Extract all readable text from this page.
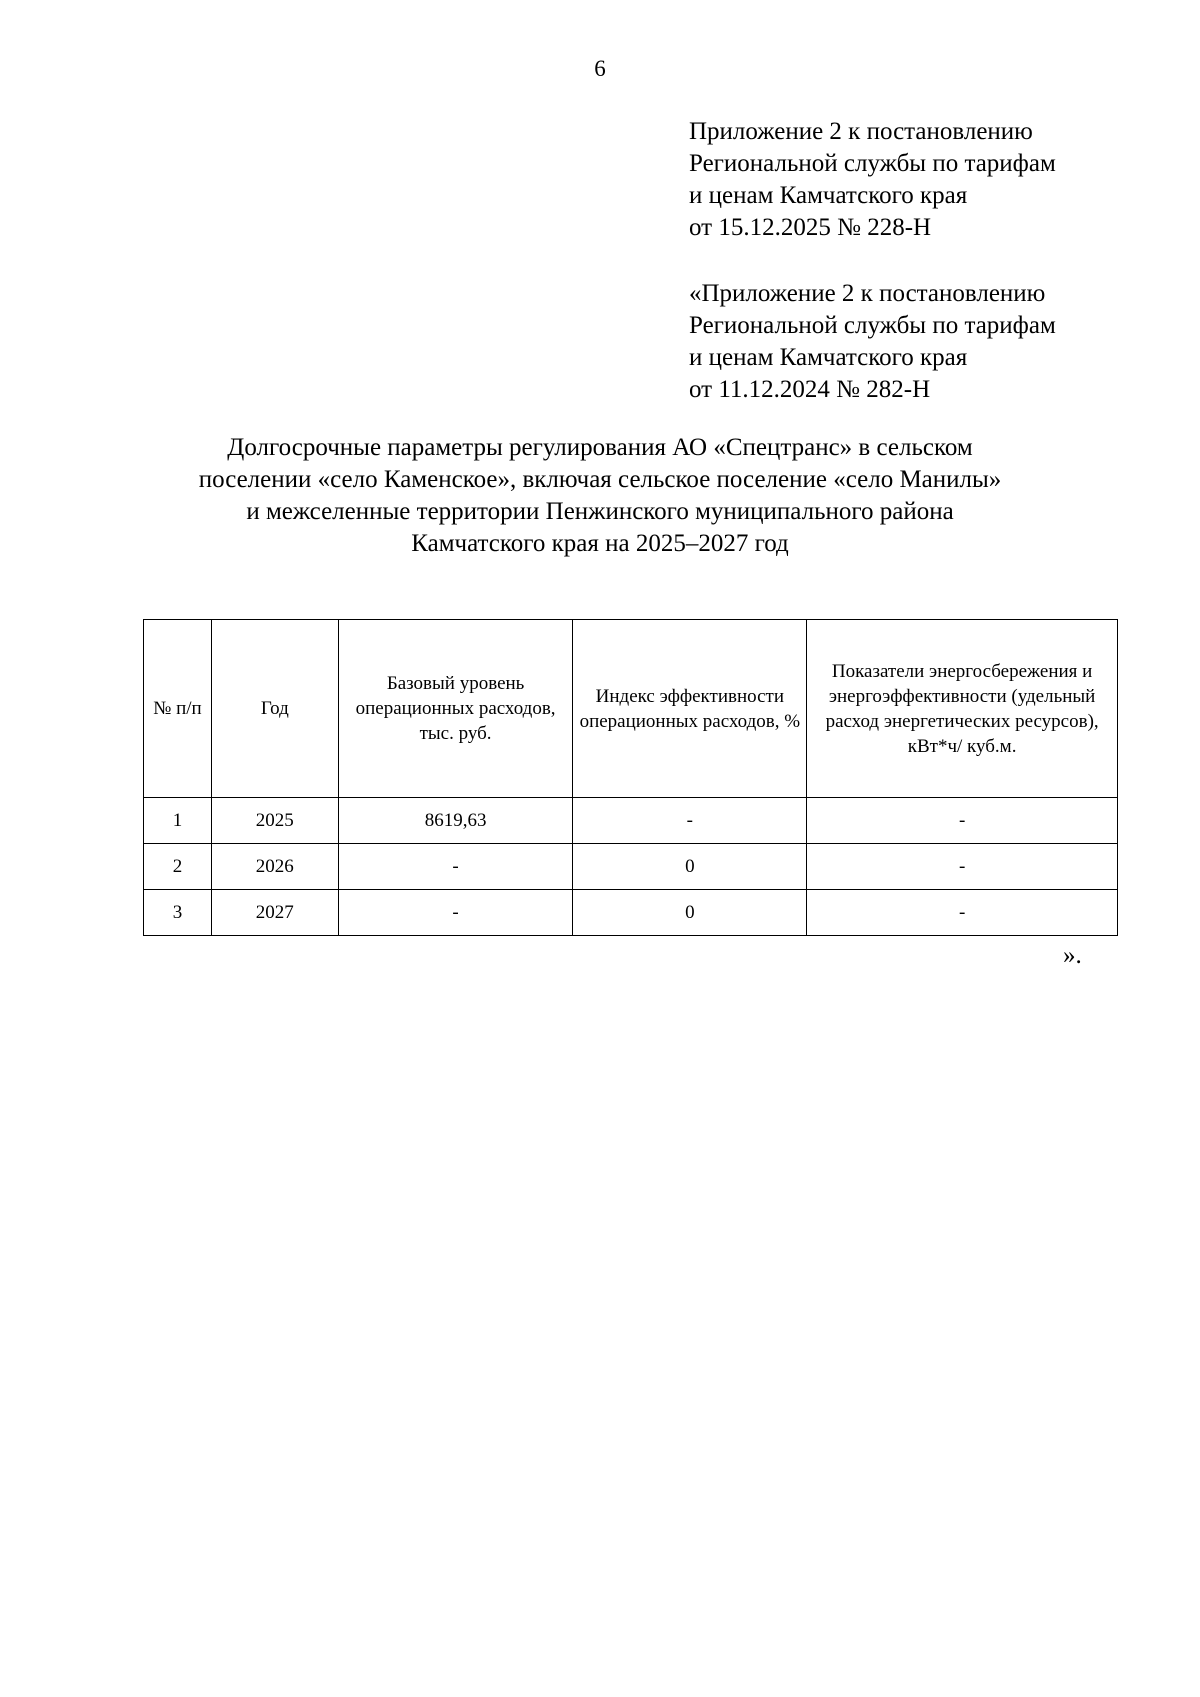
6
Приложение 2 к постановлению
Региональной службы по тарифам
и ценам Камчатского края
от 15.12.2025 № 228-Н
«Приложение 2 к постановлению
Региональной службы по тарифам
и ценам Камчатского края
от 11.12.2024 № 282-Н
Долгосрочные параметры регулирования АО «Спецтранс» в сельском
поселении «село Каменское», включая сельское поселение «село Манилы»
и межселенные территории Пенжинского муниципального района
Камчатского края на 2025–2027 год
№ п/п	Год	Базовый уровень операционных расходов, тыс. руб.	Индекс эффективности операционных расходов, %	Показатели энергосбережения и энергоэффективности (удельный расход энергетических ресурсов), кВт*ч/ куб.м.
1	2025	8619,63	-	-
2	2026	-	0	-
3	2027	-	0	-
».
